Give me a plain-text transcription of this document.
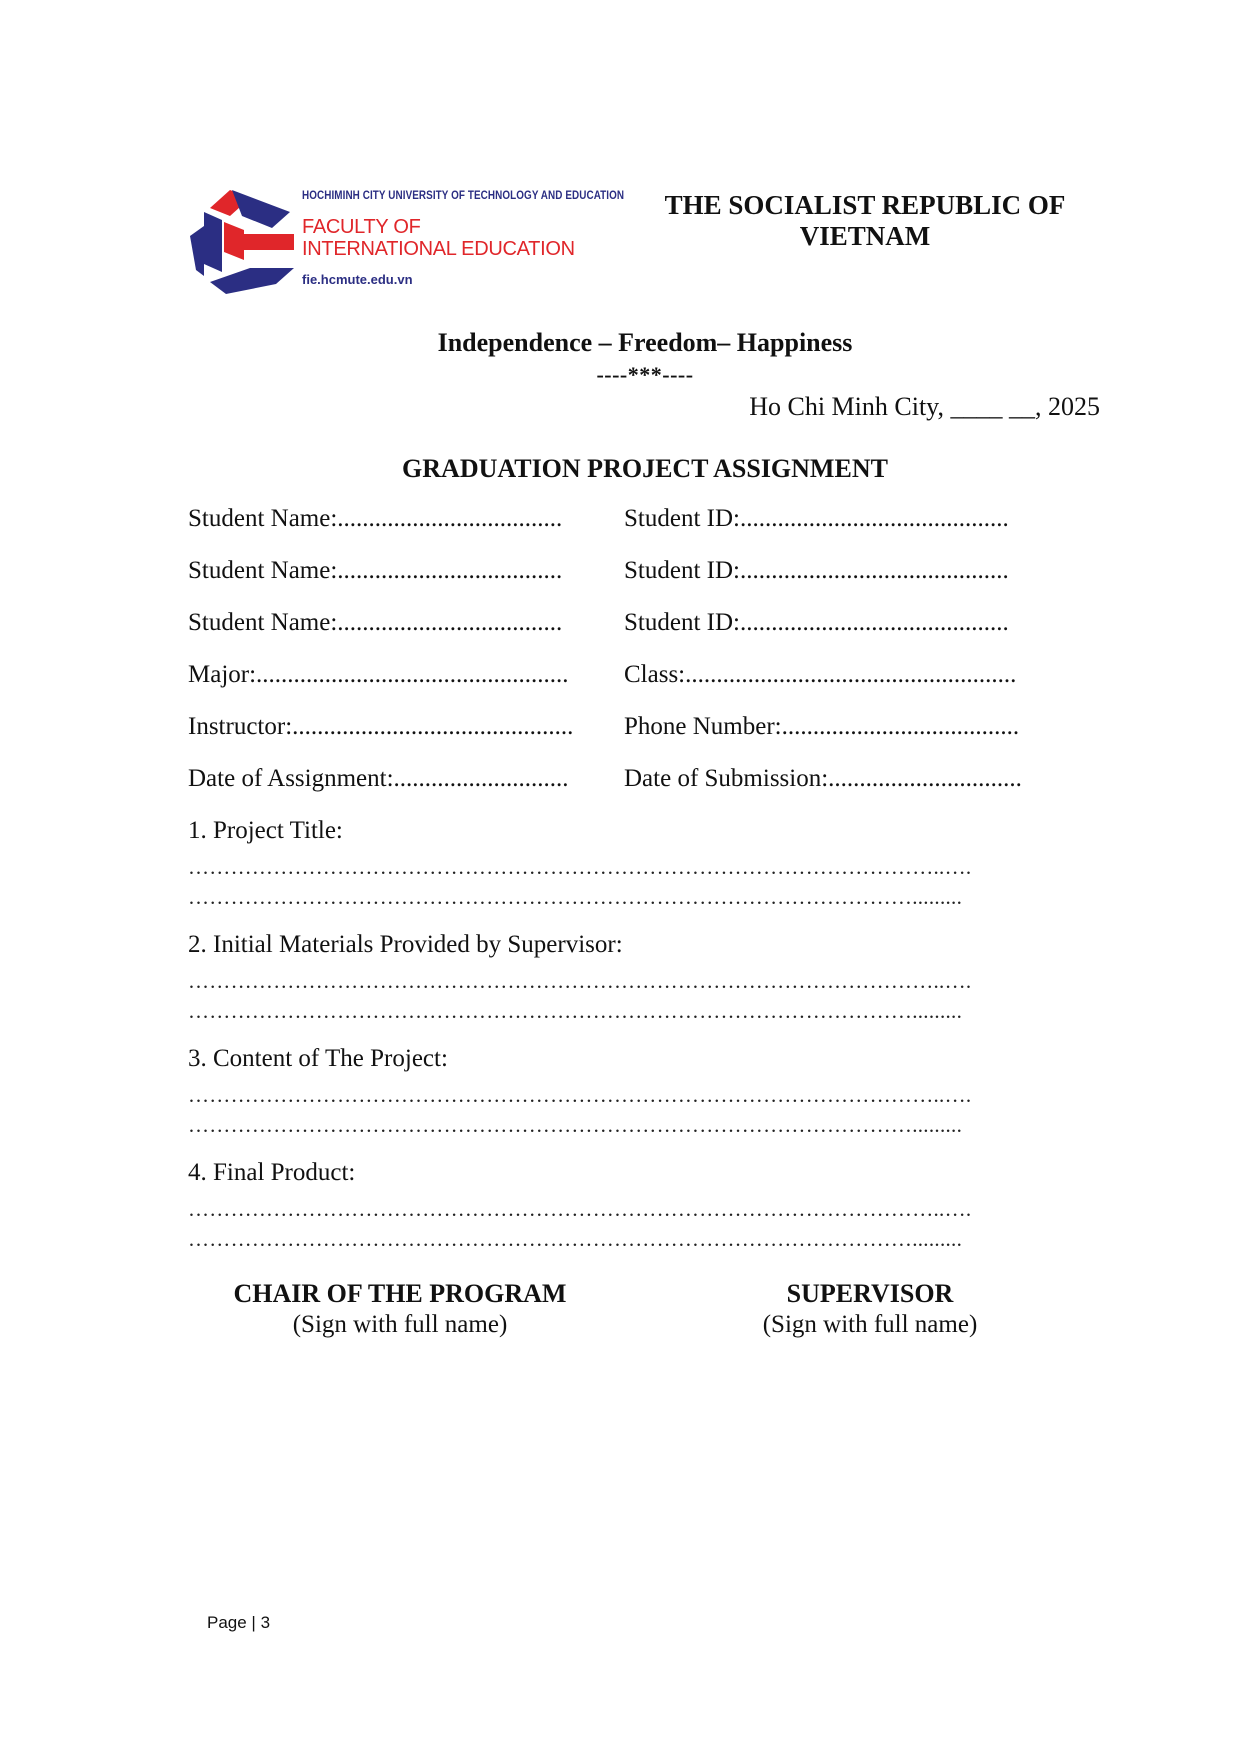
HOCHIMINH CITY UNIVERSITY OF TECHNOLOGY AND EDUCATION
FACULTY OF
INTERNATIONAL EDUCATION
fie.hcmute.edu.vn
THE SOCIALIST REPUBLIC OF
VIETNAM
Independence – Freedom– Happiness
----***----
Ho Chi Minh City, ____ __, 2025
GRADUATION PROJECT ASSIGNMENT
Student Name:....................................	Student ID:...........................................
Student Name:....................................	Student ID:...........................................
Student Name:....................................	Student ID:...........................................
Major:..................................................	Class:.....................................................
Instructor:.............................................	Phone Number:......................................
Date of Assignment:............................	Date of Submission:...............................
1. Project Title:
……………………………………………………………………………………………..….
………………………………………………………………………………………….........
2. Initial Materials Provided by Supervisor:
……………………………………………………………………………………………..….
………………………………………………………………………………………….........
3. Content of The Project:
……………………………………………………………………………………………..….
………………………………………………………………………………………….........
4. Final Product:
……………………………………………………………………………………………..….
………………………………………………………………………………………….........
CHAIR OF THE PROGRAM
(Sign with full name)
SUPERVISOR
(Sign with full name)
Page | 3
